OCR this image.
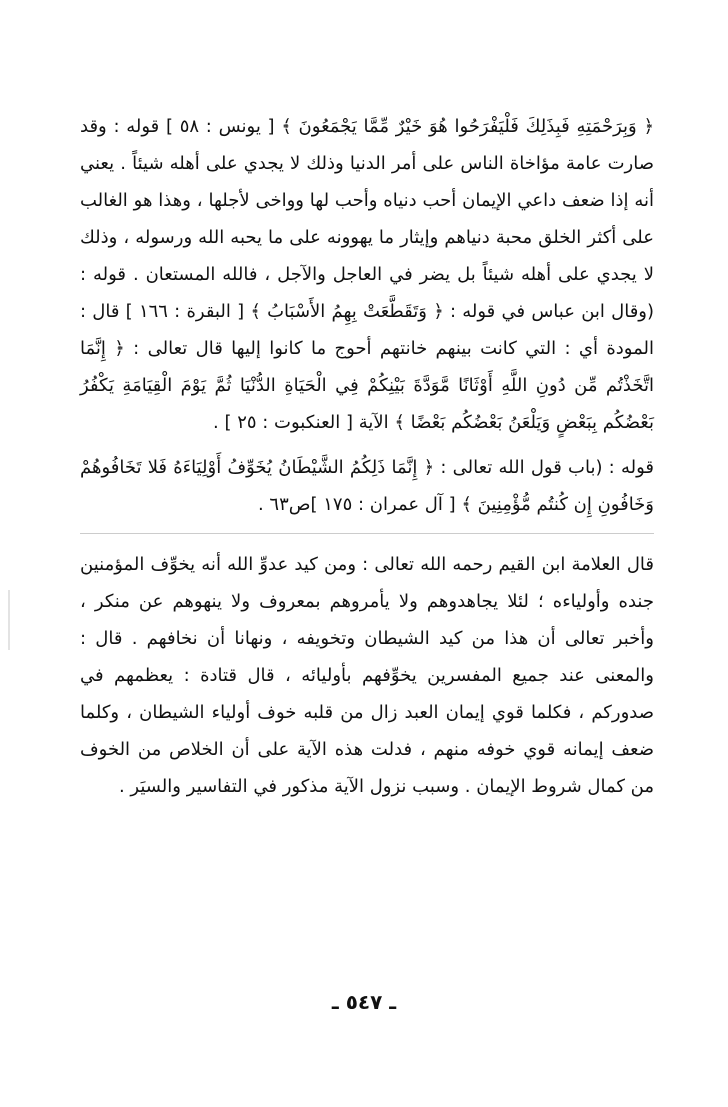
﴿ وَبِرَحْمَتِهِ فَبِذَلِكَ فَلْيَفْرَحُوا هُوَ خَيْرٌ مِّمَّا يَجْمَعُونَ ﴾ [ يونس : ٥٨ ] قوله : وقد صارت عامة مؤاخاة الناس على أمر الدنيا وذلك لا يجدي على أهله شيئاً . يعني أنه إذا ضعف داعي الإيمان أحب دنياه وأحب لها وواخى لأجلها ، وهذا هو الغالب على أكثر الخلق محبة دنياهم وإيثار ما يهوونه على ما يحبه الله ورسوله ، وذلك لا يجدي على أهله شيئاً بل يضر في العاجل والآجل ، فالله المستعان . قوله : (وقال ابن عباس في قوله : ﴿ وَتَقَطَّعَتْ بِهِمُ الأَسْبَابُ ﴾ [ البقرة : ١٦٦ ] قال : المودة أي : التي كانت بينهم خانتهم أحوج ما كانوا إليها قال تعالى : ﴿ إِنَّمَا اتَّخَذْتُم مِّن دُونِ اللَّهِ أَوْثَانًا مَّوَدَّةَ بَيْنِكُمْ فِي الْحَيَاةِ الدُّنْيَا ثُمَّ يَوْمَ الْقِيَامَةِ يَكْفُرُ بَعْضُكُم بِبَعْضٍ وَيَلْعَنُ بَعْضُكُم بَعْضًا ﴾ الآية [ العنكبوت : ٢٥ ] .

قوله : (باب قول الله تعالى : ﴿ إِنَّمَا ذَلِكُمُ الشَّيْطَانُ يُخَوِّفُ أَوْلِيَاءَهُ فَلا تَخَافُوهُمْ وَخَافُونِ إِن كُنتُم مُّؤْمِنِينَ ﴾ [ آل عمران : ١٧٥ ]ص٦٣ .

قال العلامة ابن القيم رحمه الله تعالى : ومن كيد عدوِّ الله أنه يخوِّف المؤمنين جنده وأولياءه ؛ لئلا يجاهدوهم ولا يأمروهم بمعروف ولا ينهوهم عن منكر ، وأخبر تعالى أن هذا من كيد الشيطان وتخويفه ، ونهانا أن نخافهم . قال : والمعنى عند جميع المفسرين يخوِّفهم بأوليائه ، قال قتادة : يعظمهم في صدوركم ، فكلما قوي إيمان العبد زال من قلبه خوف أولياء الشيطان ، وكلما ضعف إيمانه قوي خوفه منهم ، فدلت هذه الآية على أن الخلاص من الخوف من كمال شروط الإيمان . وسبب نزول الآية مذكور في التفاسير والسيَر .

ـ ٥٤٧ ـ
